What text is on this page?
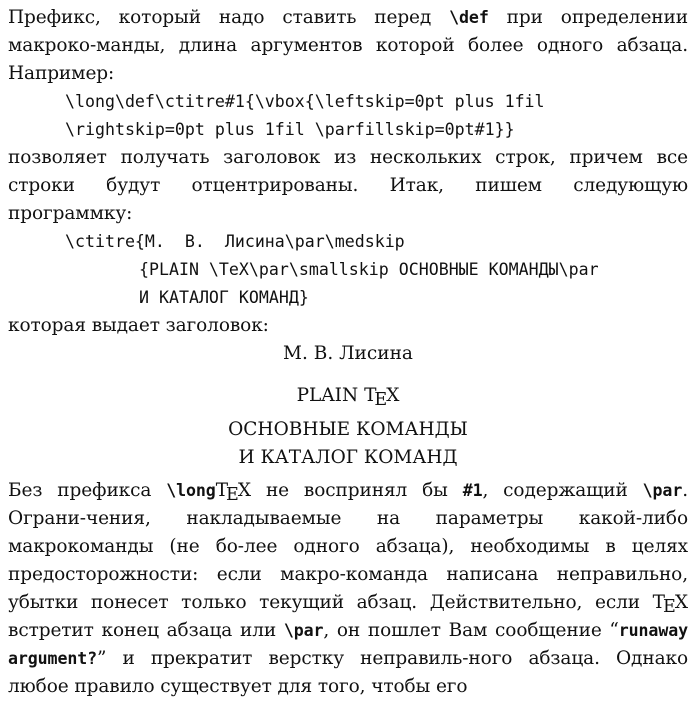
Префикс, который надо ставить перед \def при определении макроко-манды, длина аргументов которой более одного абзаца. Например:

\long\def\ctitre#1{\vbox{\leftskip=0pt plus 1fil
\rightskip=0pt plus 1fil \parfillskip=0pt#1}}

позволяет получать заголовок из нескольких строк, причем все строки будут отцентрированы. Итак, пишем следующую программку:

\ctitre{M.  B.  Лисина\par\medskip
{PLAIN \TeX\par\smallskip ОСНОВНЫЕ КОМАНДЫ\par
И КАТАЛОГ КОМАНД}

которая выдает заголовок:

М. В. Лисина

PLAIN TEX

ОСНОВНЫЕ КОМАНДЫ

И КАТАЛОГ КОМАНД

Без префикса \longTEX не воспринял бы #1, содержащий \par. Ограни-чения, накладываемые на параметры какой-либо макрокоманды (не бо-лее одного абзаца), необходимы в целях предосторожности: если макро-команда написана неправильно, убытки понесет только текущий абзац. Действительно, если TEX встретит конец абзаца или \par, он пошлет Вам сообщение “runaway argument?” и прекратит верстку неправиль-ного абзаца. Однако любое правило существует для того, чтобы его
